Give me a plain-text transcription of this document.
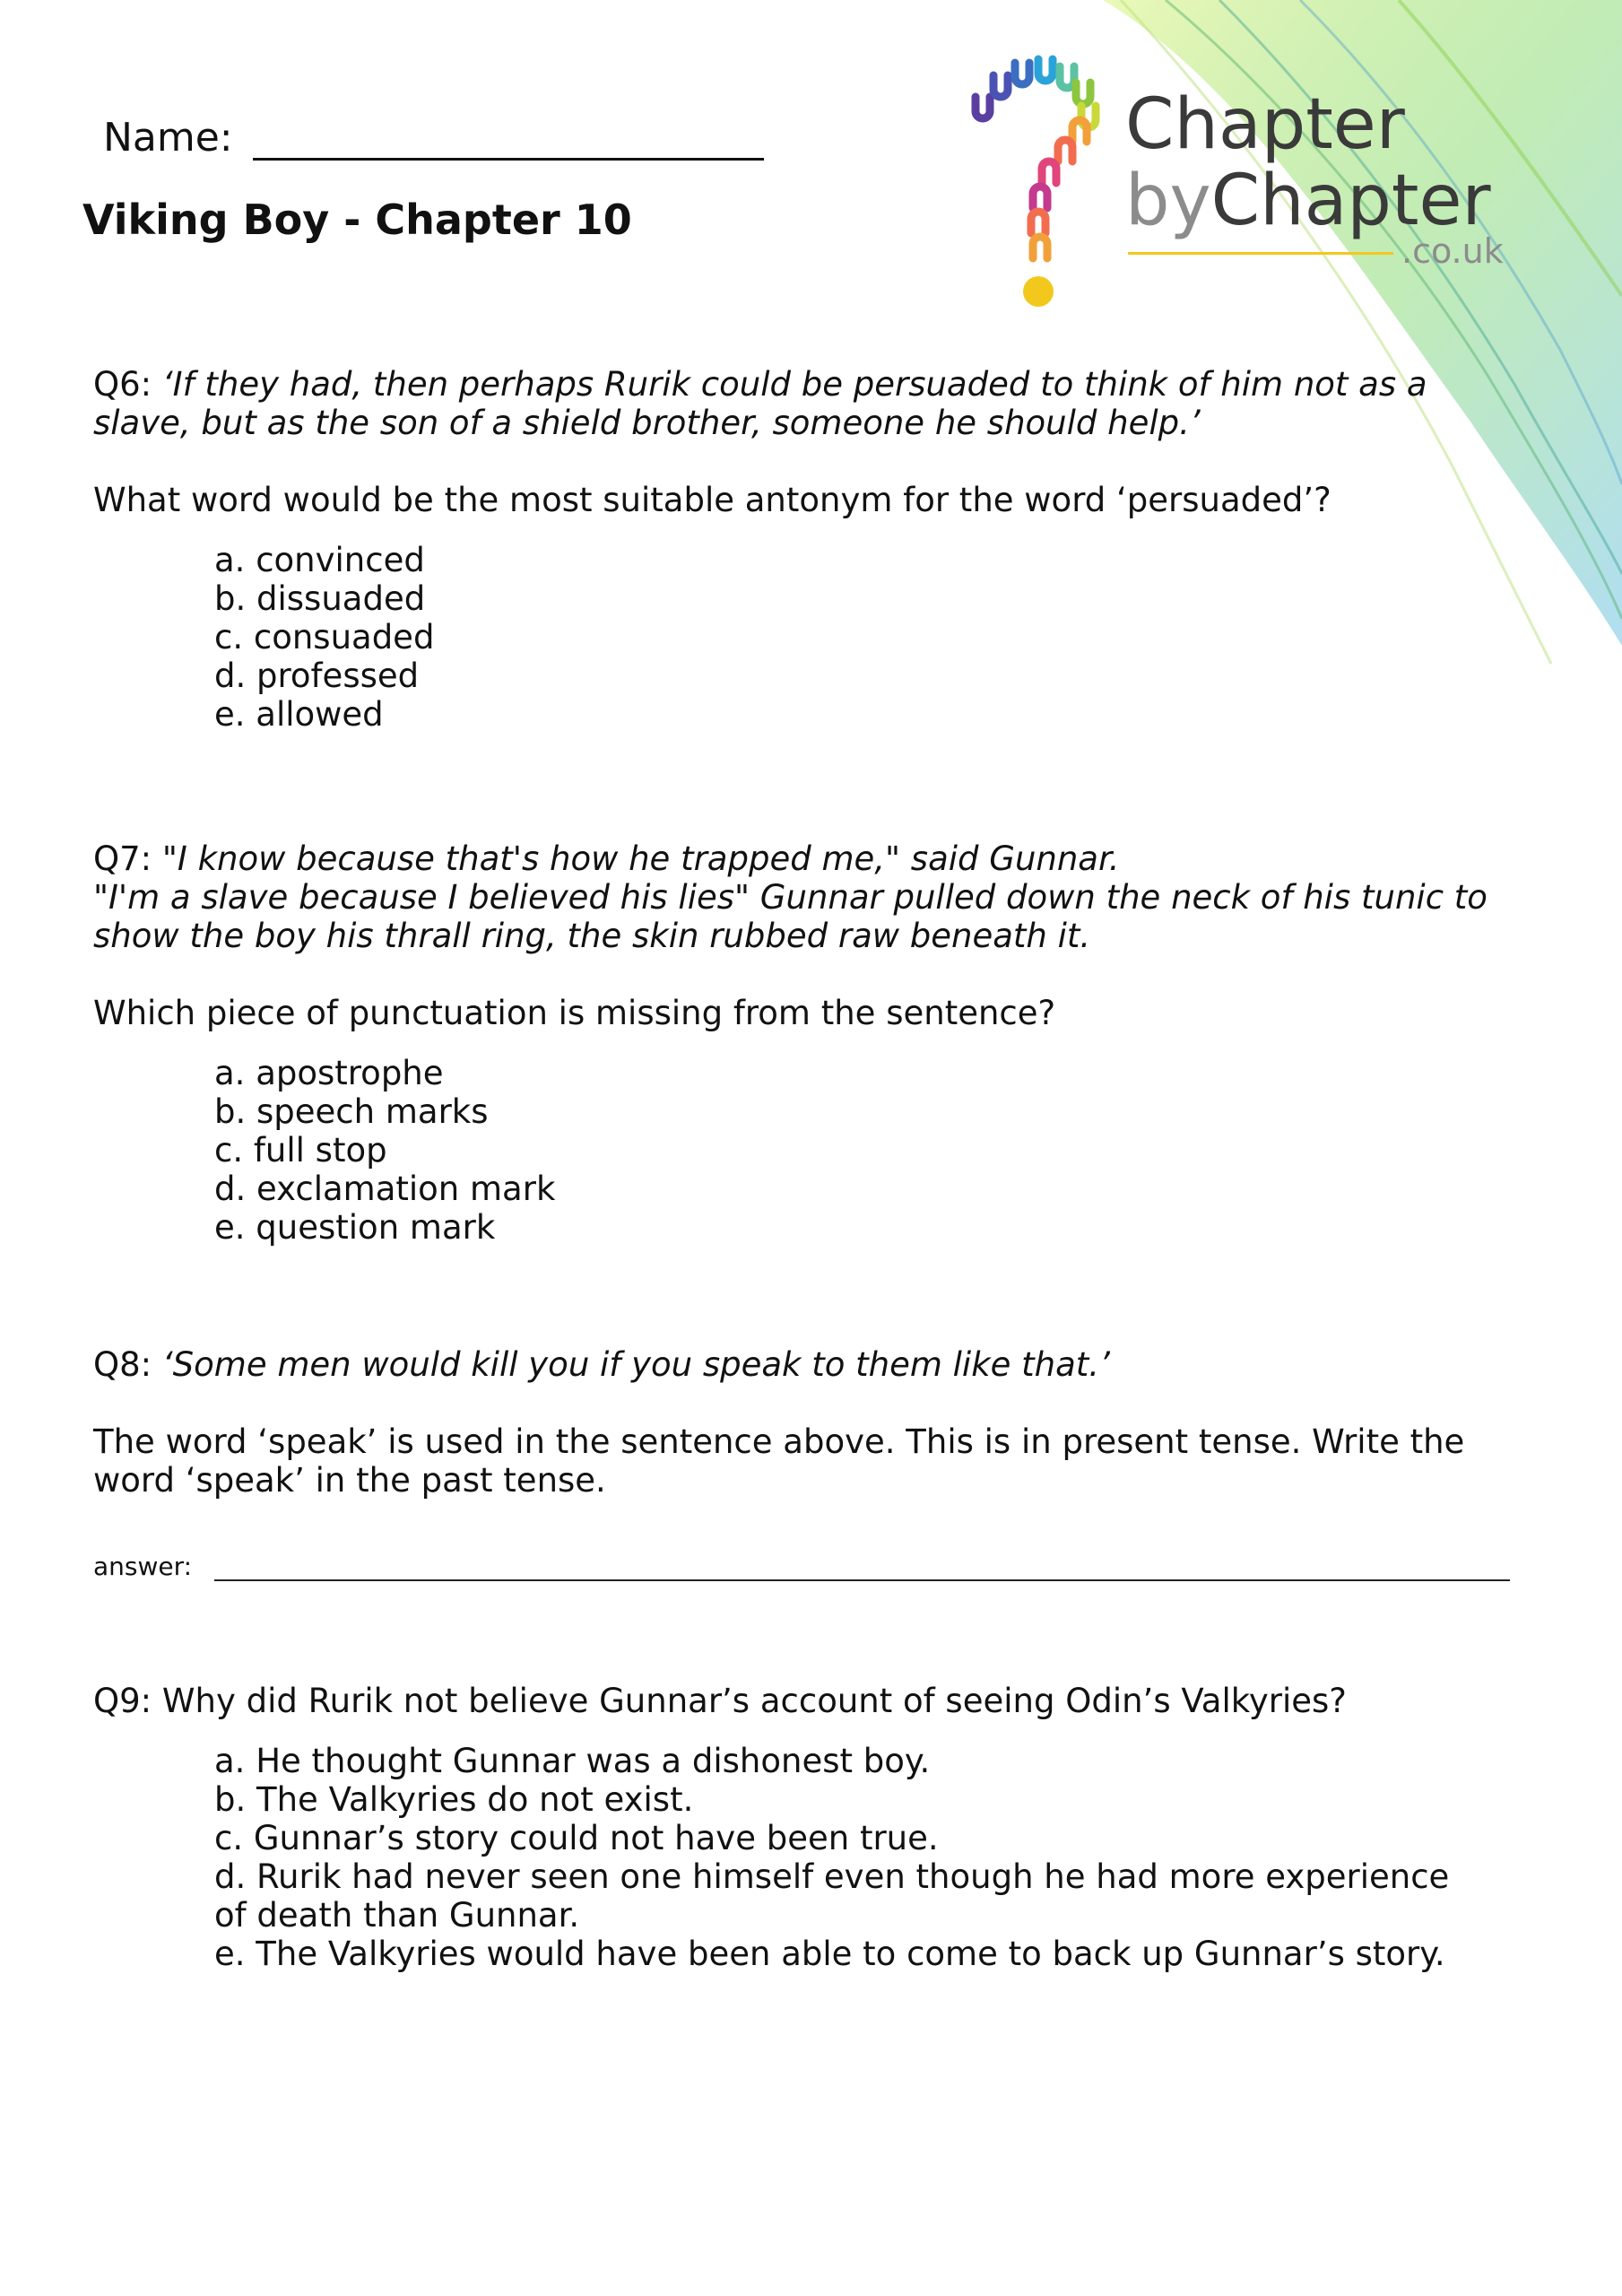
Name:
Viking Boy - Chapter 10
Chapter
byChapter
.co.uk

Q6: ‘If they had, then perhaps Rurik could be persuaded to think of him not as a slave, but as the son of a shield brother, someone he should help.’

What word would be the most suitable antonym for the word ‘persuaded’?

a. convinced
b. dissuaded
c. consuaded
d. professed
e. allowed

Q7: "I know because that's how he trapped me," said Gunnar.

"I'm a slave because I believed his lies" Gunnar pulled down the neck of his tunic to show the boy his thrall ring, the skin rubbed raw beneath it.

Which piece of punctuation is missing from the sentence?

a. apostrophe
b. speech marks
c. full stop
d. exclamation mark
e. question mark

Q8: ‘Some men would kill you if you speak to them like that.’

The word ‘speak’ is used in the sentence above. This is in present tense. Write the word ‘speak’ in the past tense.

answer:

Q9: Why did Rurik not believe Gunnar’s account of seeing Odin’s Valkyries?

a. He thought Gunnar was a dishonest boy.
b. The Valkyries do not exist.
c. Gunnar’s story could not have been true.
d. Rurik had never seen one himself even though he had more experience of death than Gunnar.
e. The Valkyries would have been able to come to back up Gunnar’s story.
